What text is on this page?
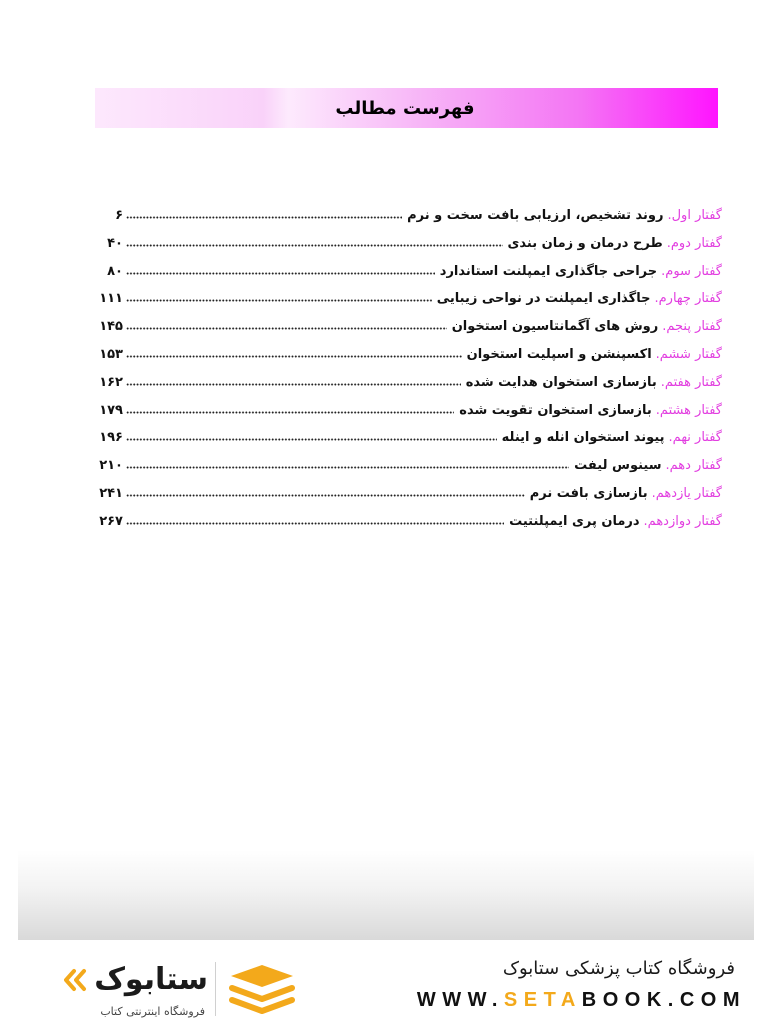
فهرست مطالب
گفتار اول.
روند تشخیص، ارزیابی بافت سخت و نرم
۶
گفتار دوم.
طرح درمان و زمان بندی
۴۰
گفتار سوم.
جراحی جاگذاری ایمپلنت استاندارد
۸۰
گفتار چهارم.
جاگذاری ایمپلنت در نواحی زیبایی
۱۱۱
گفتار پنجم.
روش های آگمانتاسیون استخوان
۱۴۵
گفتار ششم.
اکسپنشن و اسپلیت استخوان
۱۵۳
گفتار هفتم.
بازسازی استخوان هدایت شده
۱۶۲
گفتار هشتم.
بازسازی استخوان تقویت شده
۱۷۹
گفتار نهم.
پیوند استخوان انله و اینله
۱۹۶
گفتار دهم.
سینوس لیفت
۲۱۰
گفتار یازدهم.
بازسازی بافت نرم
۲۴۱
گفتار دوازدهم.
درمان پری ایمپلنتیت
۲۶۷
ستابوک
فروشگاه اینترنتی کتاب
فروشگاه کتاب پزشکی ستابوک
WWW.SETABOOK.COM
